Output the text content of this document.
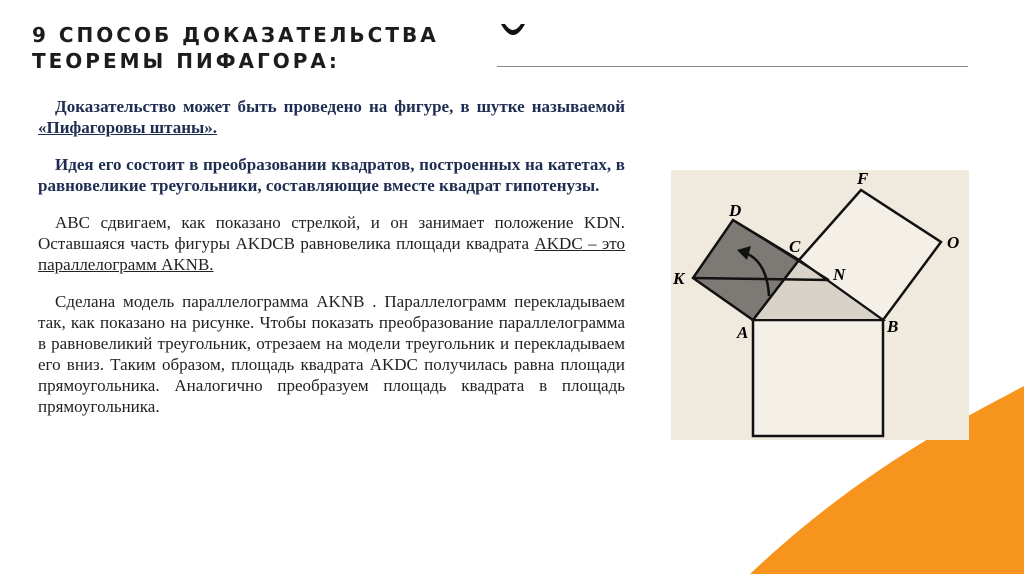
9 СПОСОБ ДОКАЗАТЕЛЬСТВА
ТЕОРЕМЫ ПИФАГОРА:

Доказательство может быть проведено на фигуре, в шутке называемой «Пифагоровы штаны».

Идея его состоит в преобразовании квадратов, построенных на катетах, в равновеликие треугольники, составляющие вместе квадрат гипотенузы.

ABC сдвигаем, как показано стрелкой, и он занимает положение KDN. Оставшаяся часть фигуры AKDCB равновелика площади квадрата AKDC – это параллелограмм AKNB.

Сделана модель параллелограмма AKNB . Параллелограмм перекладываем так, как показано на рисунке. Чтобы показать преобразование параллелограмма в равновеликий треугольник, отрезаем на модели треугольник и перекладываем его вниз. Таким образом, площадь квадрата AKDC получилась равна площади прямоугольника. Аналогично преобразуем площадь квадрата в площадь прямоугольника.

D
C
F
O
K	N
A	B
